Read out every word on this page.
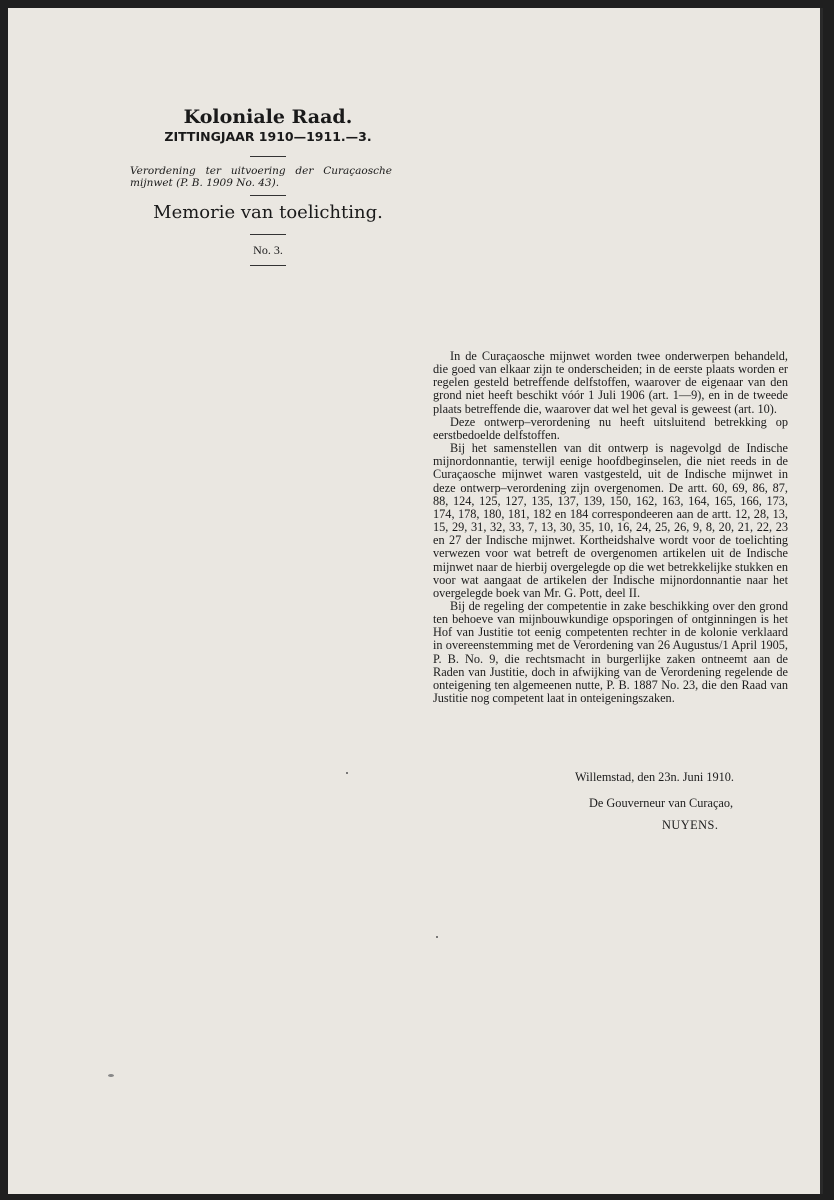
Koloniale Raad.

ZITTINGJAAR 1910—1911.—3.

Verordening ter uitvoering der Curaçaosche mijnwet (P. B. 1909 No. 43).

Memorie van toelichting.

No. 3.

In de Curaçaosche mijnwet worden twee onderwerpen behandeld, die goed van elkaar zijn te onderscheiden; in de eerste plaats worden er regelen gesteld betreffende delfstoffen, waarover de eigenaar van den grond niet heeft beschikt vóór 1 Juli 1906 (art. 1—9), en in de tweede plaats betreffende die, waarover dat wel het geval is geweest (art. 10).

Deze ontwerp–verordening nu heeft uitsluitend betrekking op eerstbedoelde delfstoffen.

Bij het samenstellen van dit ontwerp is nagevolgd de Indische mijnordonnantie, terwijl eenige hoofdbeginselen, die niet reeds in de Curaçaosche mijnwet waren vastgesteld, uit de Indische mijnwet in deze ontwerp–verordening zijn overgenomen. De artt. 60, 69, 86, 87, 88, 124, 125, 127, 135, 137, 139, 150, 162, 163, 164, 165, 166, 173, 174, 178, 180, 181, 182 en 184 correspondeeren aan de artt. 12, 28, 13, 15, 29, 31, 32, 33, 7, 13, 30, 35, 10, 16, 24, 25, 26, 9, 8, 20, 21, 22, 23 en 27 der Indische mijnwet. Kortheidshalve wordt voor de toelichting verwezen voor wat betreft de overgenomen artikelen uit de Indische mijnwet naar de hierbij overgelegde op die wet betrekkelijke stukken en voor wat aangaat de artikelen der Indische mijnordonnantie naar het overgelegde boek van Mr. G. Pott, deel II.

Bij de regeling der competentie in zake beschikking over den grond ten behoeve van mijnbouwkundige opsporingen of ontginningen is het Hof van Justitie tot eenig competenten rechter in de kolonie verklaard in overeenstemming met de Verordening van 26 Augustus/1 April 1905, P. B. No. 9, die rechtsmacht in burgerlijke zaken ontneemt aan de Raden van Justitie, doch in afwijking van de Verordening regelende de onteigening ten algemeenen nutte, P. B. 1887 No. 23, die den Raad van Justitie nog competent laat in onteigeningszaken.

Willemstad, den 23n. Juni 1910.
De Gouverneur van Curaçao,
NUYENS.
